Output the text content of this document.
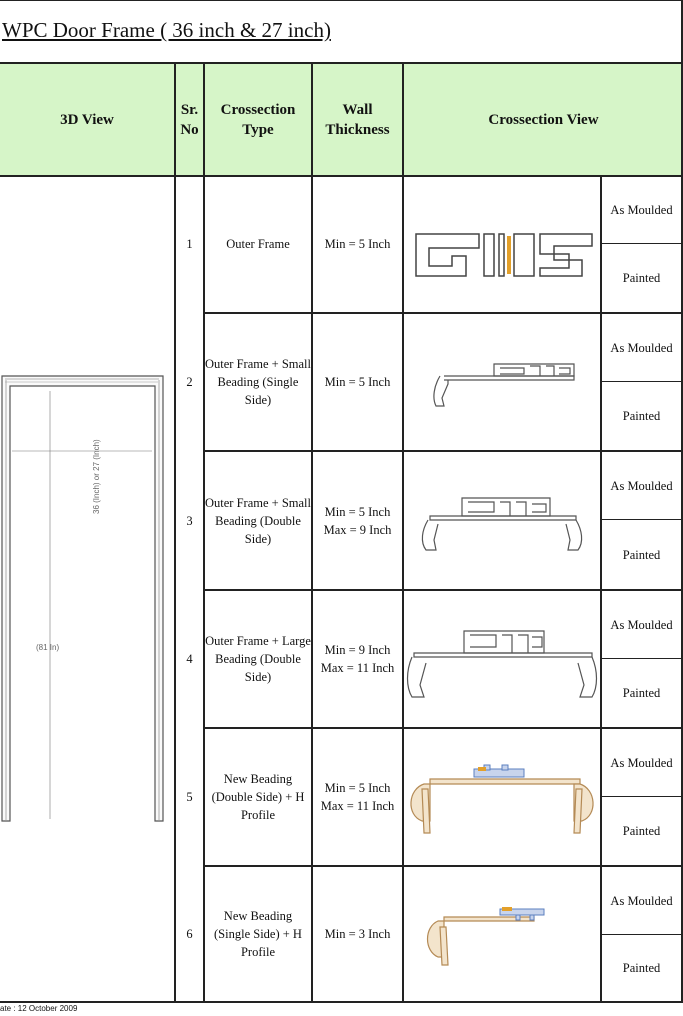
WPC Door Frame ( 36 inch & 27 inch)
3D View
Sr. No
Crossection Type
Wall Thickness
Crossection View
36 (Inch) or 27 (Inch)
(81 In)
1	Outer Frame	Min = 5 Inch
As Moulded
Painted
2
Outer Frame + Small Beading (Single Side)
Min = 5 Inch
As Moulded
Painted
3
Outer Frame + Small Beading (Double Side)
Min = 5 Inch Max = 9 Inch
As Moulded
Painted
4
Outer Frame + Large Beading (Double Side)
Min = 9 Inch Max = 11 Inch
As Moulded
Painted
5
New Beading (Double Side) + H Profile
Min = 5 Inch Max = 11 Inch
As Moulded
Painted
6
New Beading (Single Side) + H Profile
Min = 3 Inch
As Moulded
Painted
ate : 12 October 2009
